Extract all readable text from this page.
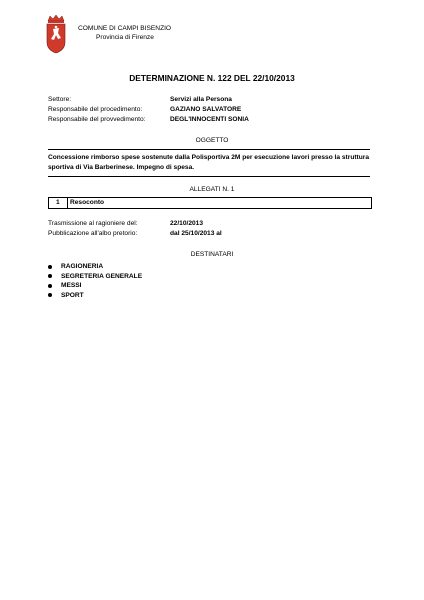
COMUNE DI CAMPI BISENZIO
Provincia di Firenze
DETERMINAZIONE N. 122 DEL 22/10/2013
Settore:	Servizi alla Persona
Responsabile del procedimento:	GAZIANO SALVATORE
Responsabile del provvedimento:	DEGL'INNOCENTI SONIA
OGGETTO
Concessione rimborso spese sostenute dalla Polisportiva 2M per esecuzione lavori presso la struttura
sportiva di Via Barberinese. Impegno di spesa.
ALLEGATI N. 1
1 Resoconto
Trasmissione al ragioniere del:	22/10/2013
Pubblicazione all'albo pretorio:	dal 25/10/2013 al
DESTINATARI
RAGIONERIA
SEGRETERIA GENERALE
MESSI
SPORT
